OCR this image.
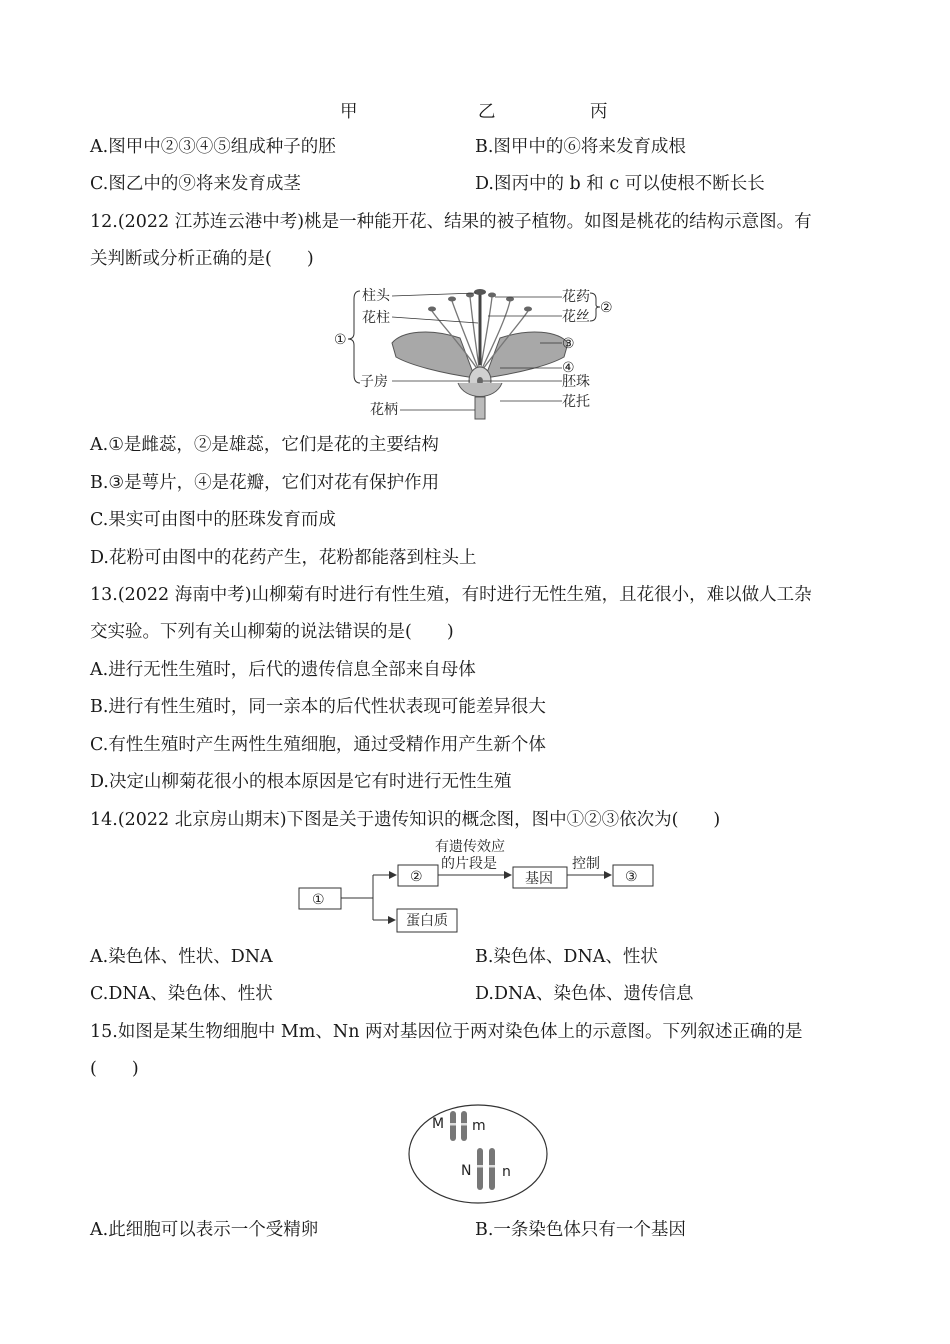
甲	乙	丙
A.图甲中②③④⑤组成种子的胚	B.图甲中的⑥将来发育成根
C.图乙中的⑨将来发育成茎	D.图丙中的 b 和 c 可以使根不断长长
12.(2022 江苏连云港中考)桃是一种能开花、结果的被子植物。如图是桃花的结构示意图。有
关判断或分析正确的是(　　)
柱头
花柱
子房
花柄
①
花药
花丝
②
③
④
胚珠
花托
A.①是雌蕊，②是雄蕊，它们是花的主要结构
B.③是萼片，④是花瓣，它们对花有保护作用
C.果实可由图中的胚珠发育而成
D.花粉可由图中的花药产生，花粉都能落到柱头上
13.(2022 海南中考)山柳菊有时进行有性生殖，有时进行无性生殖，且花很小，难以做人工杂
交实验。下列有关山柳菊的说法错误的是(　　)
A.进行无性生殖时，后代的遗传信息全部来自母体
B.进行有性生殖时，同一亲本的后代性状表现可能差异很大
C.有性生殖时产生两性生殖细胞，通过受精作用产生新个体
D.决定山柳菊花很小的根本原因是它有时进行无性生殖
14.(2022 北京房山期末)下图是关于遗传知识的概念图，图中①②③依次为(　　)
①
②	基因	③
蛋白质
有遗传效应
的片段是	控制
A.染色体、性状、DNA	B.染色体、DNA、性状
C.DNA、染色体、性状	D.DNA、染色体、遗传信息
15.如图是某生物细胞中 Mm、Nn 两对基因位于两对染色体上的示意图。下列叙述正确的是
(　　)
M m
N n
A.此细胞可以表示一个受精卵	B.一条染色体只有一个基因
